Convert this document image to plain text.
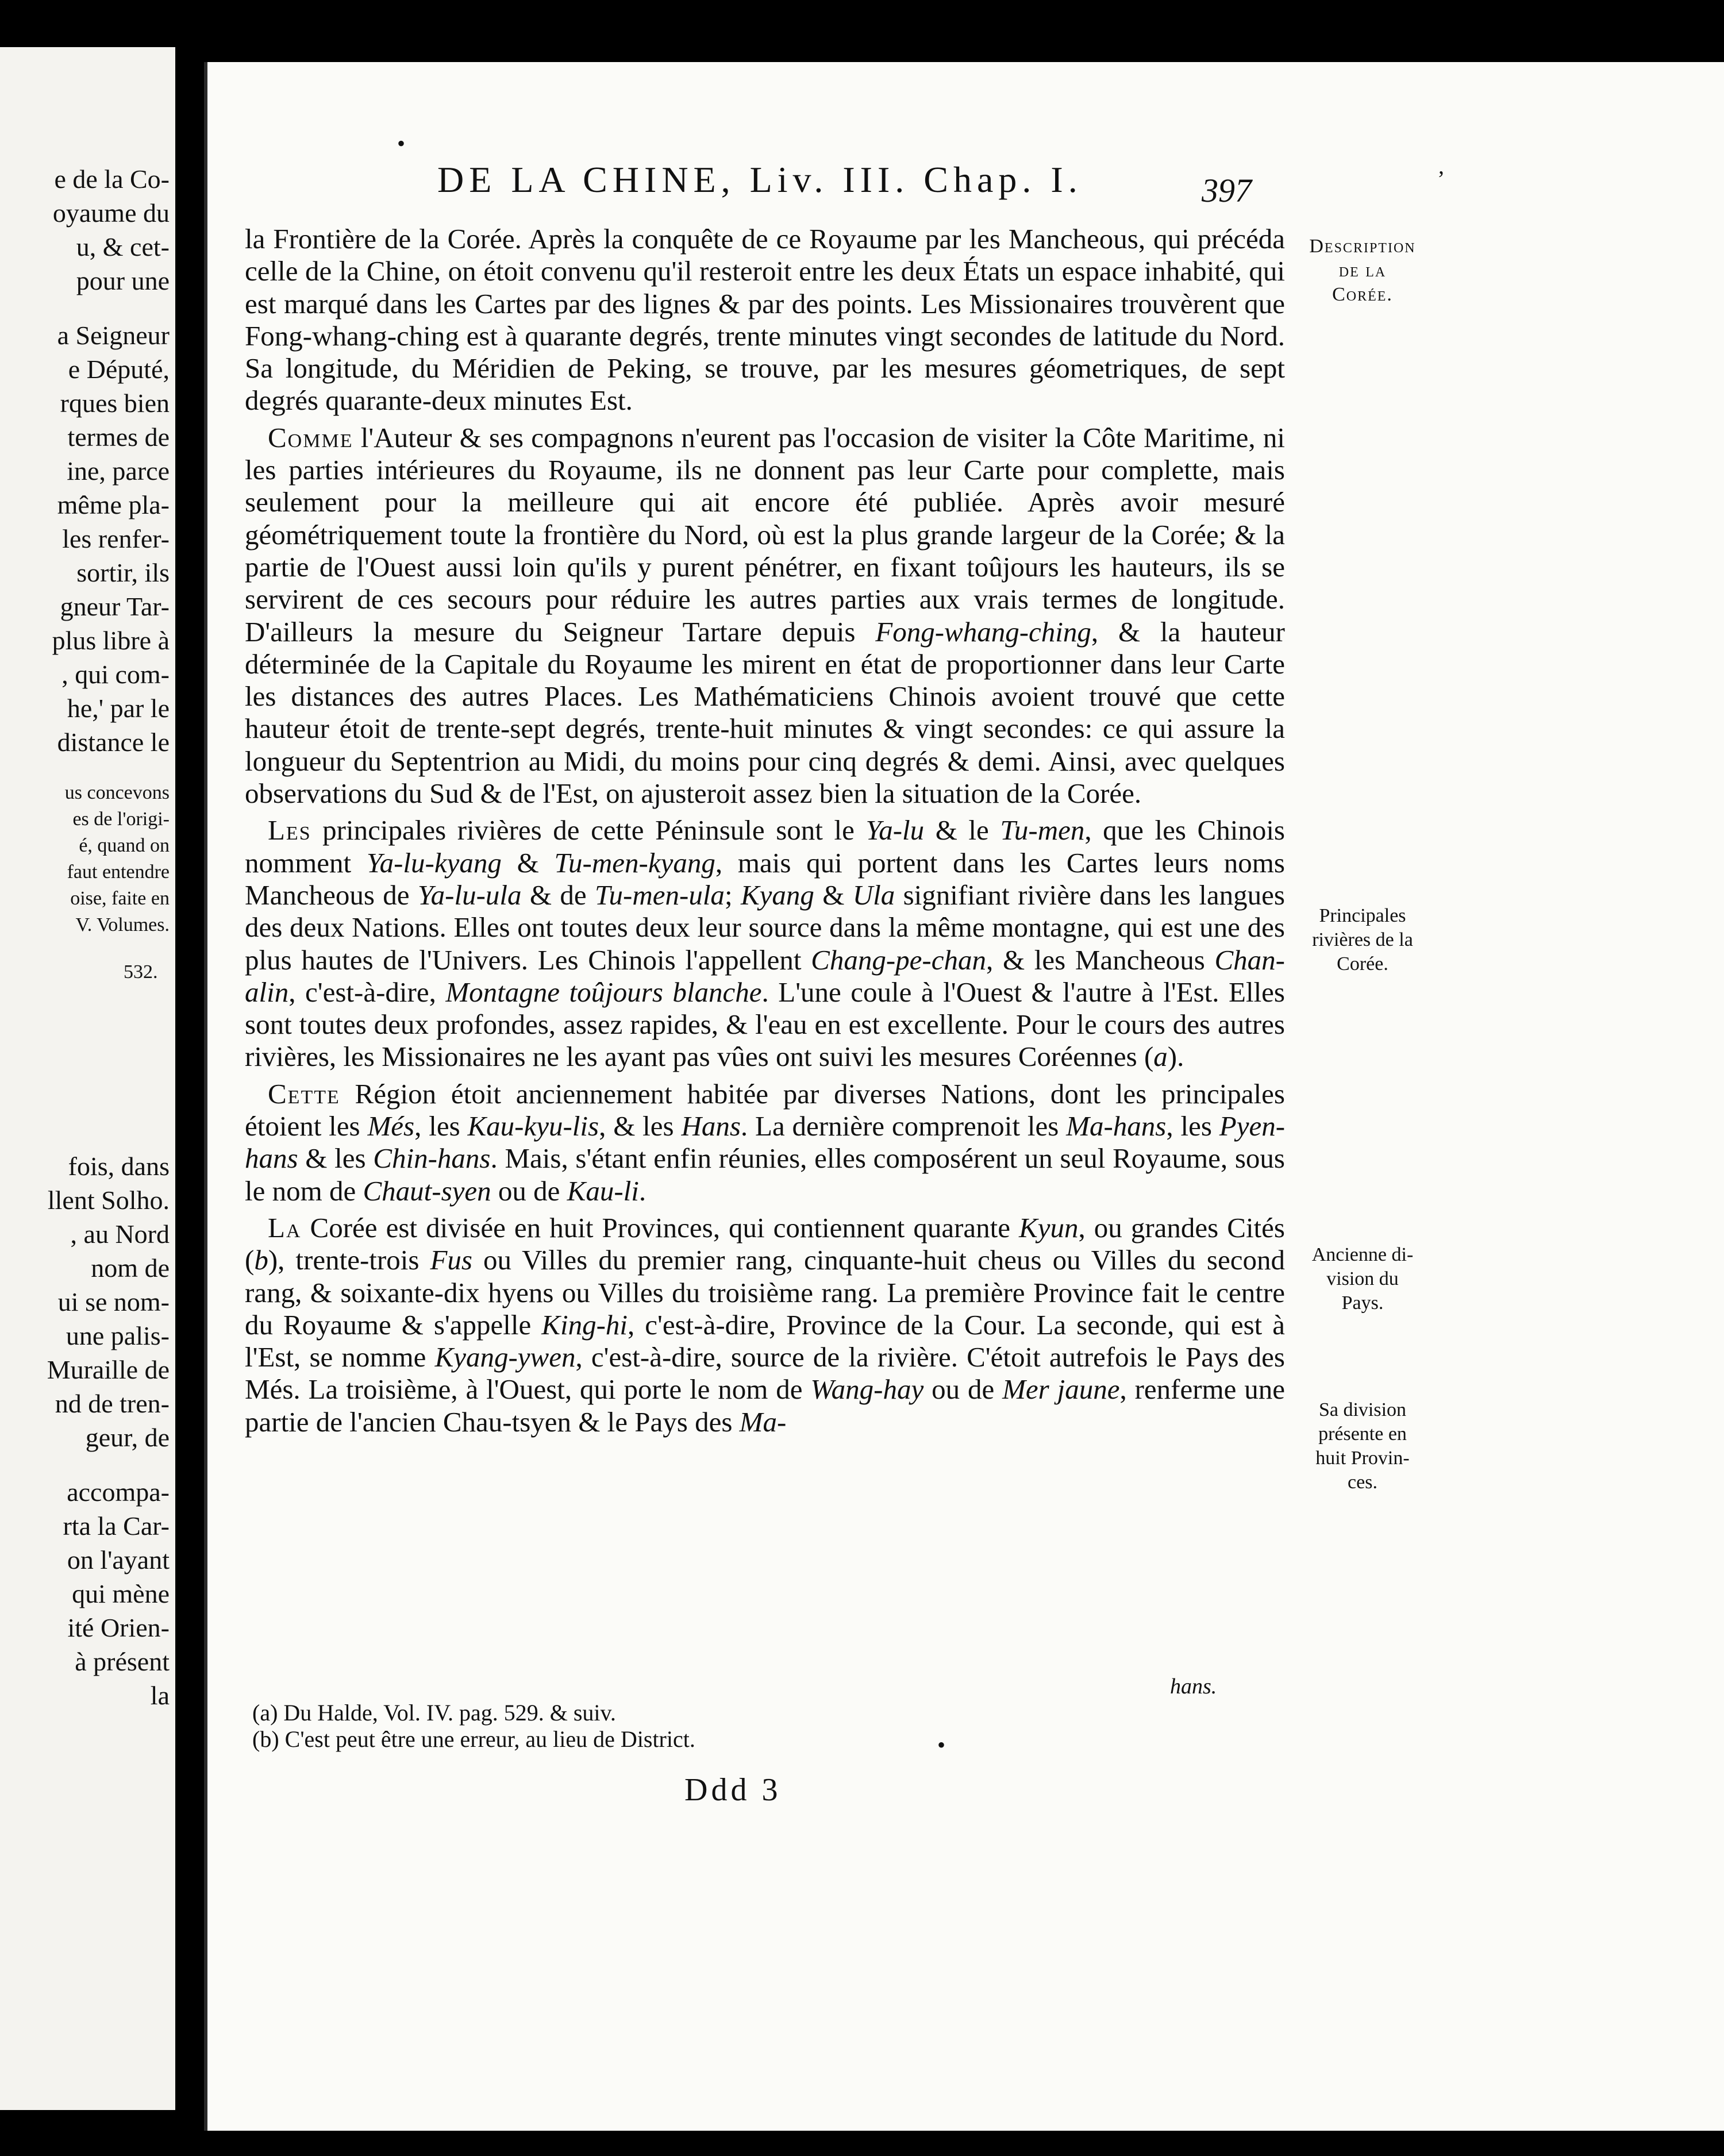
e de la Co-
oyaume du
u, & cet-
pour une
a Seigneur
e Député,
rques bien
termes de
ine, parce
même pla-
les renfer-
sortir, ils
gneur Tar-
plus libre à
, qui com-
he,' par le
distance le
us concevons
es de l'origi-
é, quand on
faut entendre
oise, faite en
V. Volumes.
532.
fois, dans
llent Solho.
, au Nord
nom de
ui se nom-
une palis-
Muraille de
nd de tren-
geur, de
accompa-
rta la Car-
on l'ayant
qui mène
ité Orien-
à présent
la
•
ʼ
DE LA CHINE, Liv. III. Chap. I.	397

la Frontière de la Corée. Après la conquête de ce Royaume par les Mancheous, qui précéda celle de la Chine, on étoit convenu qu'il resteroit entre les deux États un espace inhabité, qui est marqué dans les Cartes par des lignes & par des points. Les Missionaires trouvèrent que Fong-whang-ching est à quarante degrés, trente minutes vingt secondes de latitude du Nord. Sa longitude, du Méridien de Peking, se trouve, par les mesures géometriques, de sept degrés quarante-deux minutes Est.

Comme l'Auteur & ses compagnons n'eurent pas l'occasion de visiter la Côte Maritime, ni les parties intérieures du Royaume, ils ne donnent pas leur Carte pour complette, mais seulement pour la meilleure qui ait encore été publiée. Après avoir mesuré géométriquement toute la frontière du Nord, où est la plus grande largeur de la Corée; & la partie de l'Ouest aussi loin qu'ils y purent pénétrer, en fixant toûjours les hauteurs, ils se servirent de ces secours pour réduire les autres parties aux vrais termes de longitude. D'ailleurs la mesure du Seigneur Tartare depuis Fong-whang-ching, & la hauteur déterminée de la Capitale du Royaume les mirent en état de proportionner dans leur Carte les distances des autres Places. Les Mathématiciens Chinois avoient trouvé que cette hauteur étoit de trente-sept degrés, trente-huit minutes & vingt secondes: ce qui assure la longueur du Septentrion au Midi, du moins pour cinq degrés & demi. Ainsi, avec quelques observations du Sud & de l'Est, on ajusteroit assez bien la situation de la Corée.

Les principales rivières de cette Péninsule sont le Ya-lu & le Tu-men, que les Chinois nomment Ya-lu-kyang & Tu-men-kyang, mais qui portent dans les Cartes leurs noms Mancheous de Ya-lu-ula & de Tu-men-ula; Kyang & Ula signifiant rivière dans les langues des deux Nations. Elles ont toutes deux leur source dans la même montagne, qui est une des plus hautes de l'Univers. Les Chinois l'appellent Chang-pe-chan, & les Mancheous Chan-alin, c'est-à-dire, Montagne toûjours blanche. L'une coule à l'Ouest & l'autre à l'Est. Elles sont toutes deux profondes, assez rapides, & l'eau en est excellente. Pour le cours des autres rivières, les Missionaires ne les ayant pas vûes ont suivi les mesures Coréennes (a).

Cette Région étoit anciennement habitée par diverses Nations, dont les principales étoient les Més, les Kau-kyu-lis, & les Hans. La dernière comprenoit les Ma-hans, les Pyen-hans & les Chin-hans. Mais, s'étant enfin réunies, elles composérent un seul Royaume, sous le nom de Chaut-syen ou de Kau-li.

La Corée est divisée en huit Provinces, qui contiennent quarante Kyun, ou grandes Cités (b), trente-trois Fus ou Villes du premier rang, cinquante-huit cheus ou Villes du second rang, & soixante-dix hyens ou Villes du troisième rang. La première Province fait le centre du Royaume & s'appelle King-hi, c'est-à-dire, Province de la Cour. La seconde, qui est à l'Est, se nomme Kyang-ywen, c'est-à-dire, source de la rivière. C'étoit autrefois le Pays des Més. La troisième, à l'Ouest, qui porte le nom de Wang-hay ou de Mer jaune, renferme une partie de l'ancien Chau-tsyen & le Pays des Ma-

Description
de la
Corée.
Principales
rivières de la
Corée.
Ancienne di-
vision du
Pays.
Sa division
présente en
huit Provin-
ces.
hans.
(a) Du Halde, Vol. IV. pag. 529. & suiv.
(b) C'est peut être une erreur, au lieu de District.	•
Ddd 3
